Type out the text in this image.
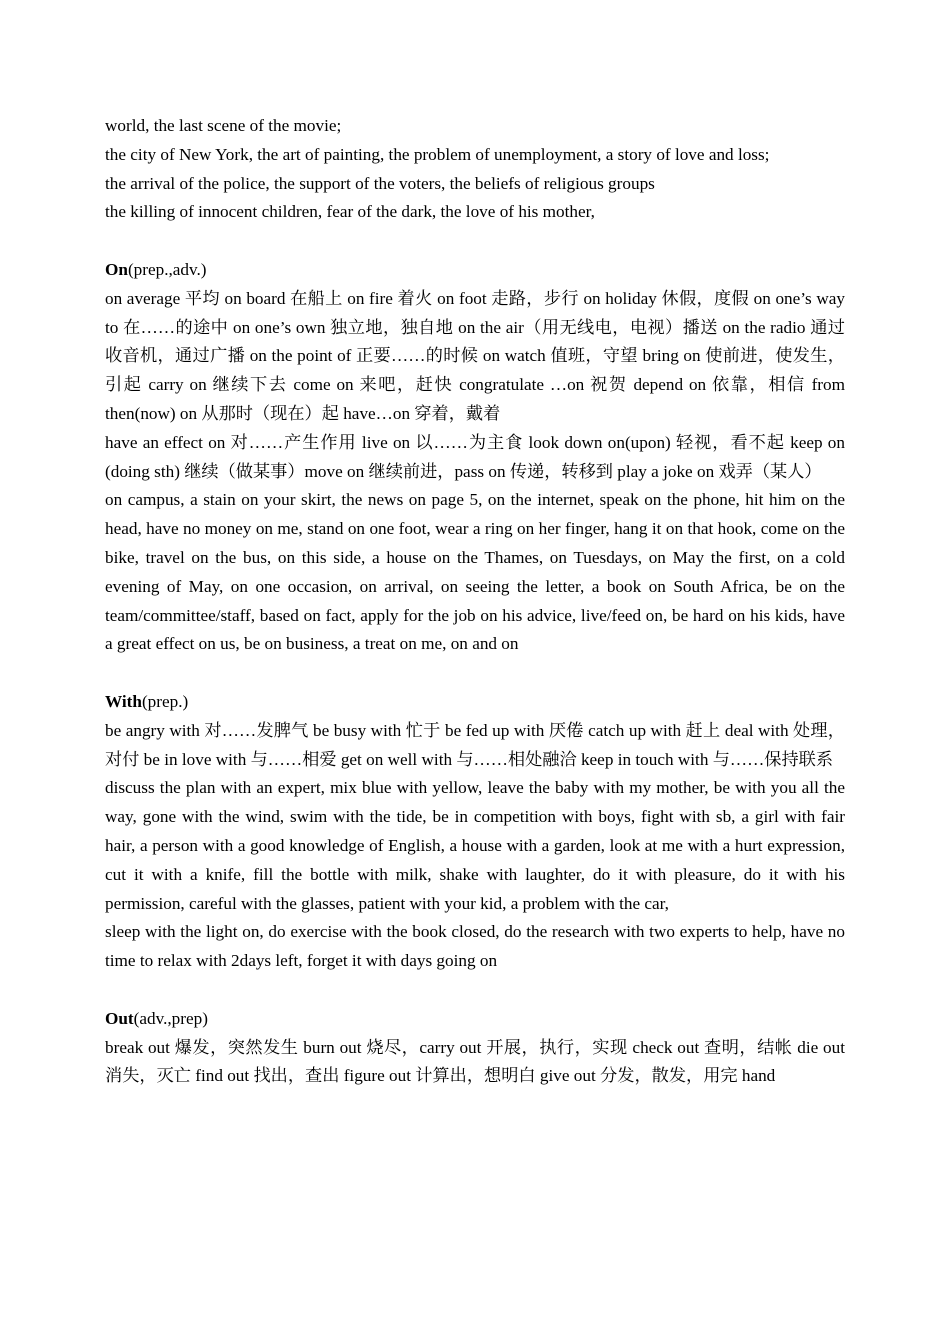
world, the last scene of the movie;

the city of New York, the art of painting, the problem of unemployment, a story of love and loss;

the arrival of the police, the support of the voters, the beliefs of religious groups

the killing of innocent children, fear of the dark, the love of his mother,

On(prep.,adv.)

on average 平均 on board 在船上 on fire 着火 on foot 走路，步行 on holiday 休假，度假 on one’s way to 在……的途中 on one’s own 独立地，独自地 on the air（用无线电，电视）播送 on the radio 通过收音机，通过广播 on the point of 正要……的时候 on watch 值班，守望 bring on 使前进，使发生，引起 carry on 继续下去 come on 来吧，赶快 congratulate …on 祝贺 depend on 依靠，相信 from then(now) on 从那时（现在）起 have…on 穿着，戴着

have an effect on 对……产生作用 live on 以……为主食 look down on(upon) 轻视，看不起 keep on (doing sth) 继续（做某事）move on 继续前进，pass on 传递，转移到 play a joke on 戏弄（某人）

on campus, a stain on your skirt, the news on page 5, on the internet, speak on the phone, hit him on the head, have no money on me, stand on one foot, wear a ring on her finger, hang it on that hook, come on the bike, travel on the bus, on this side, a house on the Thames, on Tuesdays, on May the first, on a cold evening of May, on one occasion, on arrival, on seeing the letter, a book on South Africa, be on the team/committee/staff, based on fact, apply for the job on his advice, live/feed on, be hard on his kids, have a great effect on us, be on business, a treat on me, on and on

With(prep.)

be angry with 对……发脾气 be busy with 忙于 be fed up with 厌倦 catch up with 赶上 deal with 处理，对付 be in love with 与……相爱 get on well with 与……相处融洽 keep in touch with 与……保持联系

discuss the plan with an expert, mix blue with yellow, leave the baby with my mother, be with you all the way, gone with the wind, swim with the tide, be in competition with boys, fight with sb, a girl with fair hair, a person with a good knowledge of English, a house with a garden, look at me with a hurt expression, cut it with a knife, fill the bottle with milk, shake with laughter, do it with pleasure, do it with his permission, careful with the glasses, patient with your kid, a problem with the car,

sleep with the light on, do exercise with the book closed, do the research with two experts to help, have no time to relax with 2days left, forget it with days going on

Out(adv.,prep)

break out 爆发，突然发生 burn out 烧尽，carry out 开展，执行，实现 check out 查明，结帐 die out 消失，灭亡 find out 找出，查出 figure out 计算出，想明白 give out 分发，散发，用完 hand
